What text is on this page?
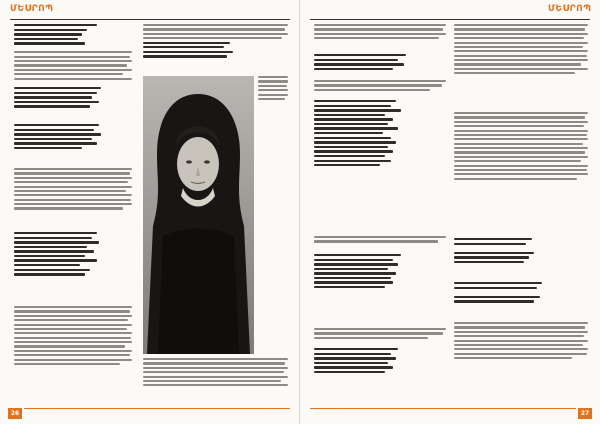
ՄԵՍՐՈՊ
26
ՄԵՍՐՈՊ
27
